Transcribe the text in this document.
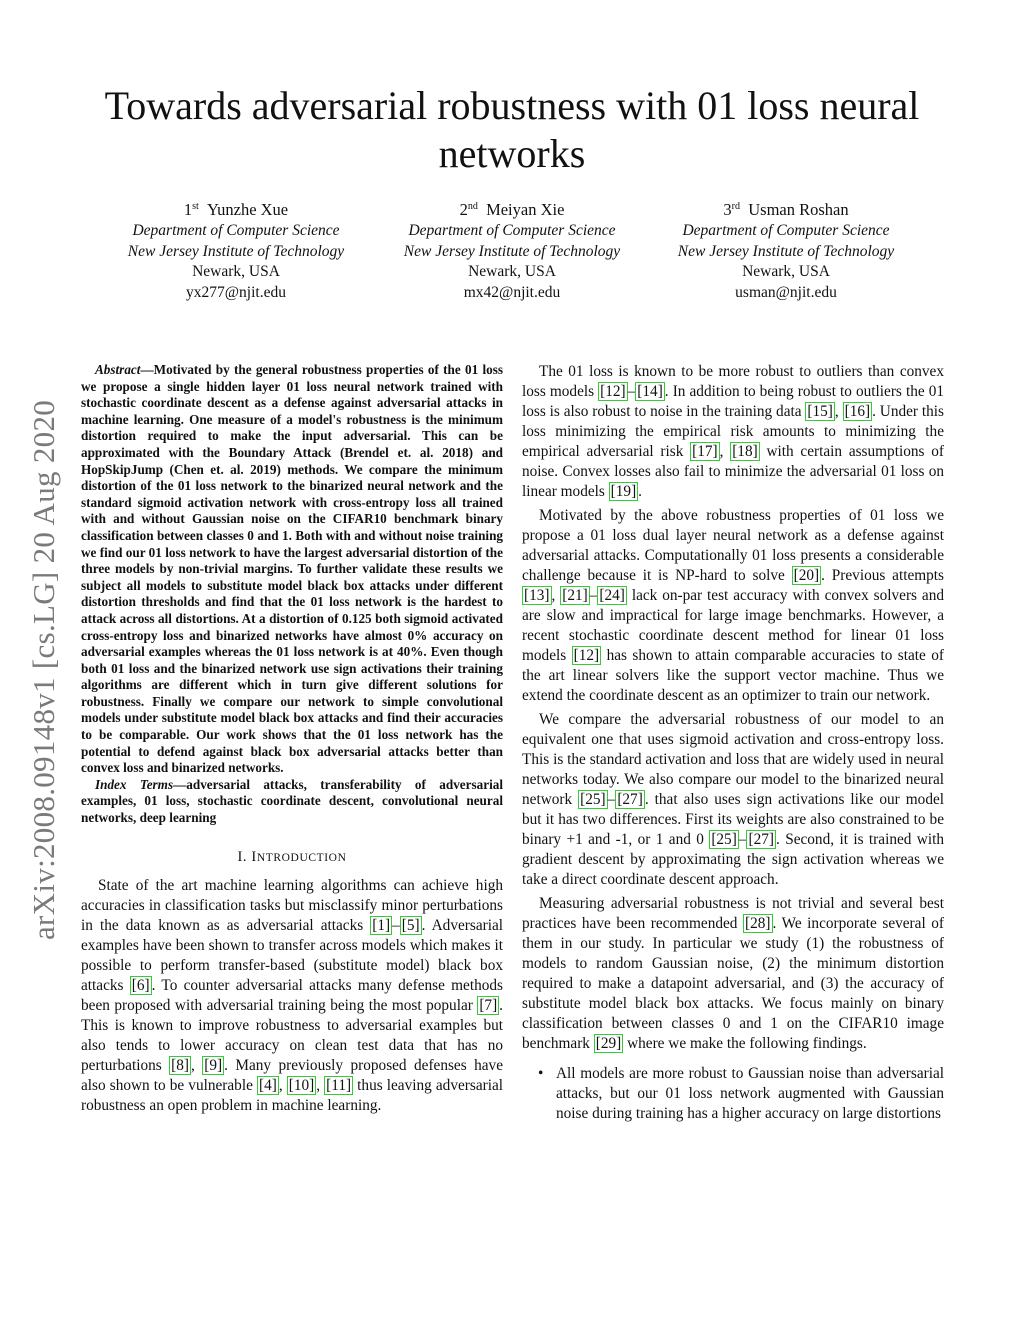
Towards adversarial robustness with 01 loss neural networks
1st Yunzhe Xue
Department of Computer Science
New Jersey Institute of Technology
Newark, USA
yx277@njit.edu
2nd Meiyan Xie
Department of Computer Science
New Jersey Institute of Technology
Newark, USA
mx42@njit.edu
3rd Usman Roshan
Department of Computer Science
New Jersey Institute of Technology
Newark, USA
usman@njit.edu
arXiv:2008.09148v1 [cs.LG] 20 Aug 2020

Abstract—Motivated by the general robustness properties of the 01 loss we propose a single hidden layer 01 loss neural network trained with stochastic coordinate descent as a defense against adversarial attacks in machine learning. One measure of a model's robustness is the minimum distortion required to make the input adversarial. This can be approximated with the Boundary Attack (Brendel et. al. 2018) and HopSkipJump (Chen et. al. 2019) methods. We compare the minimum distortion of the 01 loss network to the binarized neural network and the standard sigmoid activation network with cross-entropy loss all trained with and without Gaussian noise on the CIFAR10 benchmark binary classification between classes 0 and 1. Both with and without noise training we find our 01 loss network to have the largest adversarial distortion of the three models by non-trivial margins. To further validate these results we subject all models to substitute model black box attacks under different distortion thresholds and find that the 01 loss network is the hardest to attack across all distortions. At a distortion of 0.125 both sigmoid activated cross-entropy loss and binarized networks have almost 0% accuracy on adversarial examples whereas the 01 loss network is at 40%. Even though both 01 loss and the binarized network use sign activations their training algorithms are different which in turn give different solutions for robustness. Finally we compare our network to simple convolutional models under substitute model black box attacks and find their accuracies to be comparable. Our work shows that the 01 loss network has the potential to defend against black box adversarial attacks better than convex loss and binarized networks.

Index Terms—adversarial attacks, transferability of adversarial examples, 01 loss, stochastic coordinate descent, convolutional neural networks, deep learning

I. INTRODUCTION

State of the art machine learning algorithms can achieve high accuracies in classification tasks but misclassify minor perturbations in the data known as as adversarial attacks [1] – [5] . Adversarial examples have been shown to transfer across models which makes it possible to perform transfer-based (substitute model) black box attacks [6] . To counter adversarial attacks many defense methods been proposed with adversarial training being the most popular [7] . This is known to improve robustness to adversarial examples but also tends to lower accuracy on clean test data that has no perturbations [8] , [9] . Many previously proposed defenses have also shown to be vulnerable [4] , [10] , [11] thus leaving adversarial robustness an open problem in machine learning.

The 01 loss is known to be more robust to outliers than convex loss models [12] – [14] . In addition to being robust to outliers the 01 loss is also robust to noise in the training data [15] , [16] . Under this loss minimizing the empirical risk amounts to minimizing the empirical adversarial risk [17] , [18] with certain assumptions of noise. Convex losses also fail to minimize the adversarial 01 loss on linear models [19] .

Motivated by the above robustness properties of 01 loss we propose a 01 loss dual layer neural network as a defense against adversarial attacks. Computationally 01 loss presents a considerable challenge because it is NP-hard to solve [20] . Previous attempts [13] , [21] – [24] lack on-par test accuracy with convex solvers and are slow and impractical for large image benchmarks. However, a recent stochastic coordinate descent method for linear 01 loss models [12] has shown to attain comparable accuracies to state of the art linear solvers like the support vector machine. Thus we extend the coordinate descent as an optimizer to train our network.

We compare the adversarial robustness of our model to an equivalent one that uses sigmoid activation and cross-entropy loss. This is the standard activation and loss that are widely used in neural networks today. We also compare our model to the binarized neural network [25] – [27] . that also uses sign activations like our model but it has two differences. First its weights are also constrained to be binary +1 and -1, or 1 and 0 [25] – [27] . Second, it is trained with gradient descent by approximating the sign activation whereas we take a direct coordinate descent approach.

Measuring adversarial robustness is not trivial and several best practices have been recommended [28] . We incorporate several of them in our study. In particular we study (1) the robustness of models to random Gaussian noise, (2) the minimum distortion required to make a datapoint adversarial, and (3) the accuracy of substitute model black box attacks. We focus mainly on binary classification between classes 0 and 1 on the CIFAR10 image benchmark [29] where we make the following findings.

• All models are more robust to Gaussian noise than adversarial attacks, but our 01 loss network augmented with Gaussian noise during training has a higher accuracy on large distortions
